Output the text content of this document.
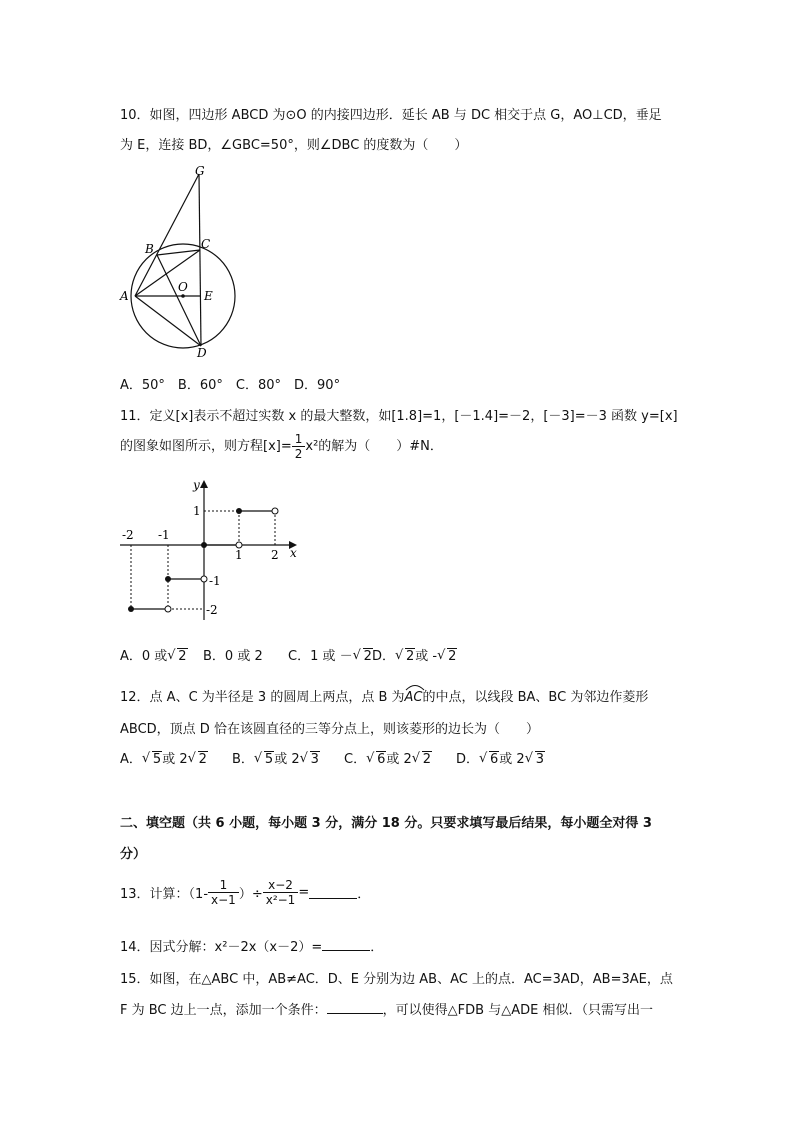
10．如图，四边形 ABCD 为⊙O 的内接四边形．延长 AB 与 DC 相交于点 G，AO⊥CD，垂足
为 E，连接 BD，∠GBC=50°，则∠DBC 的度数为（　　）
G
B	C
A
O
E
D
A．50°　B．60°　C．80°　D．90°
11．定义[x]表示不超过实数 x 的最大整数，如[1.8]=1，[－1.4]=－2，[－3]=－3 函数 y=[x]
的图象如图所示，则方程$[x]= \frac{1}{2} x^2$的解为（　　）#N．
y
x
-2 -1
1 2
1
-1
-2
A．0 或 √ 2 B．0 或 2 C．1 或 － √ 2 D． √ 2或 - √ 2
12．点 A、C 为半径是 3 的圆周上两点，点 B 为AC
的中点，以线段 BA、BC 为邻边作菱形
ABCD，顶点 D 恰在该圆直径的三等分点上，则该菱形的边长为（　　）
A． √ 5或 2 √ 2 B． √ 5或 2 √ 3 C． √ 6或 2 √ 2 D． √ 6或 2 √ 3
二、填空题（共 6 小题，每小题 3 分，满分 18 分。只要求填写最后结果，每小题全对得 3
分）
13．计算：（$1- \frac{1}{x-1}$ ）÷ $\frac{x-2}{\text{x²−1}}$ =	．
14．因式分解：x²－2x（x－2）=	．
15．如图，在△ABC 中，AB≠AC．D、E 分别为边 AB、AC 上的点．AC=3AD，AB=3AE，点
F 为 BC 边上一点，添加一个条件：	，可以使得△FDB 与△ADE 相似．（只需写出一
